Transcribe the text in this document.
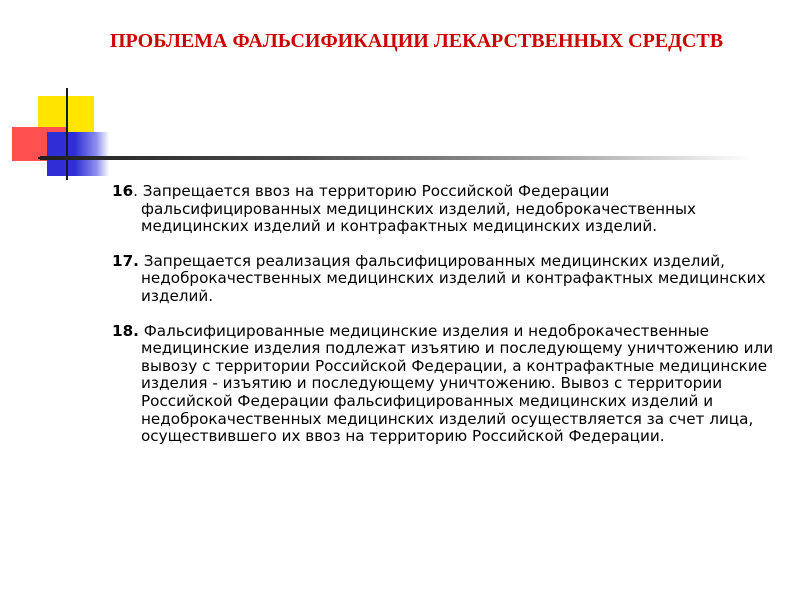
ПРОБЛЕМА ФАЛЬСИФИКАЦИИ ЛЕКАРСТВЕННЫХ СРЕДСТВ

16. Запрещается ввоз на территорию Российской Федерации фальсифицированных медицинских изделий, недоброкачественных медицинских изделий и контрафактных медицинских изделий.

17. Запрещается реализация фальсифицированных медицинских изделий, недоброкачественных медицинских изделий и контрафактных медицинских изделий.

18. Фальсифицированные медицинские изделия и недоброкачественные медицинские изделия подлежат изъятию и последующему уничтожению или вывозу с территории Российской Федерации, а контрафактные медицинские изделия - изъятию и последующему уничтожению. Вывоз с территории Российской Федерации фальсифицированных медицинских изделий и недоброкачественных медицинских изделий осуществляется за счет лица, осуществившего их ввоз на территорию Российской Федерации.
